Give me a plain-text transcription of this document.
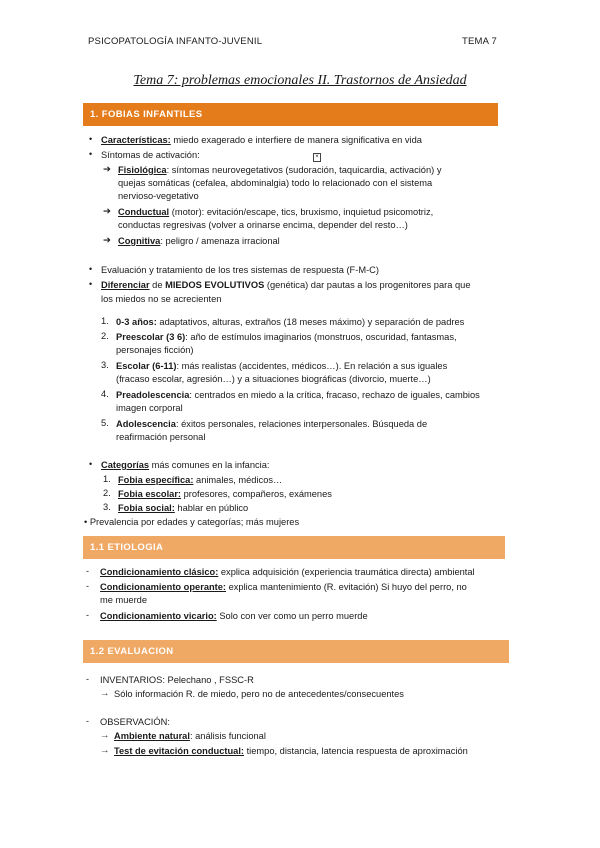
PSICOPATOLOGÍA INFANTO-JUVENIL	TEMA 7
Tema 7: problemas emocionales II. Trastornos de Ansiedad
1. FOBIAS INFANTILES
• Características: miedo exagerado e interfiere de manera significativa en vida
• Síntomas de activación:	×
➔ Fisiológica: síntomas neurovegetativos (sudoración, taquicardia, activación) y
quejas somáticas (cefalea, abdominalgia) todo lo relacionado con el sistema
nervioso-vegetativo
➔ Conductual (motor): evitación/escape, tics, bruxismo, inquietud psicomotriz,
conductas regresivas (volver a orinarse encima, depender del resto…)
➔ Cognitiva: peligro / amenaza irracional
• Evaluación y tratamiento de los tres sistemas de respuesta (F-M-C)
• Diferenciar de MIEDOS EVOLUTIVOS (genética) dar pautas a los progenitores para que
los miedos no se acrecienten
1. 0-3 años: adaptativos, alturas, extraños (18 meses máximo) y separación de padres
2. Preescolar (3 6): año de estímulos imaginarios (monstruos, oscuridad, fantasmas,
personajes ficción)
3. Escolar (6-11): más realistas (accidentes, médicos…). En relación a sus iguales
(fracaso escolar, agresión…) y a situaciones biográficas (divorcio, muerte…)
4. Preadolescencia: centrados en miedo a la crítica, fracaso, rechazo de iguales, cambios
imagen corporal
5. Adolescencia: éxitos personales, relaciones interpersonales. Búsqueda de
reafirmación personal
• Categorías más comunes en la infancia:
1. Fobia específica: animales, médicos…
2. Fobia escolar: profesores, compañeros, exámenes
3. Fobia social: hablar en público
• Prevalencia por edades y categorías; más mujeres
1.1 ETIOLOGIA
- Condicionamiento clásico: explica adquisición (experiencia traumática directa) ambiental
- Condicionamiento operante: explica mantenimiento (R. evitación) Si huyo del perro, no
me muerde
- Condicionamiento vicario: Solo con ver como un perro muerde
1.2 EVALUACION
- INVENTARIOS: Pelechano , FSSC-R
→ Sólo información R. de miedo, pero no de antecedentes/consecuentes
- OBSERVACIÓN:
→ Ambiente natural: análisis funcional
→ Test de evitación conductual: tiempo, distancia, latencia respuesta de aproximación
